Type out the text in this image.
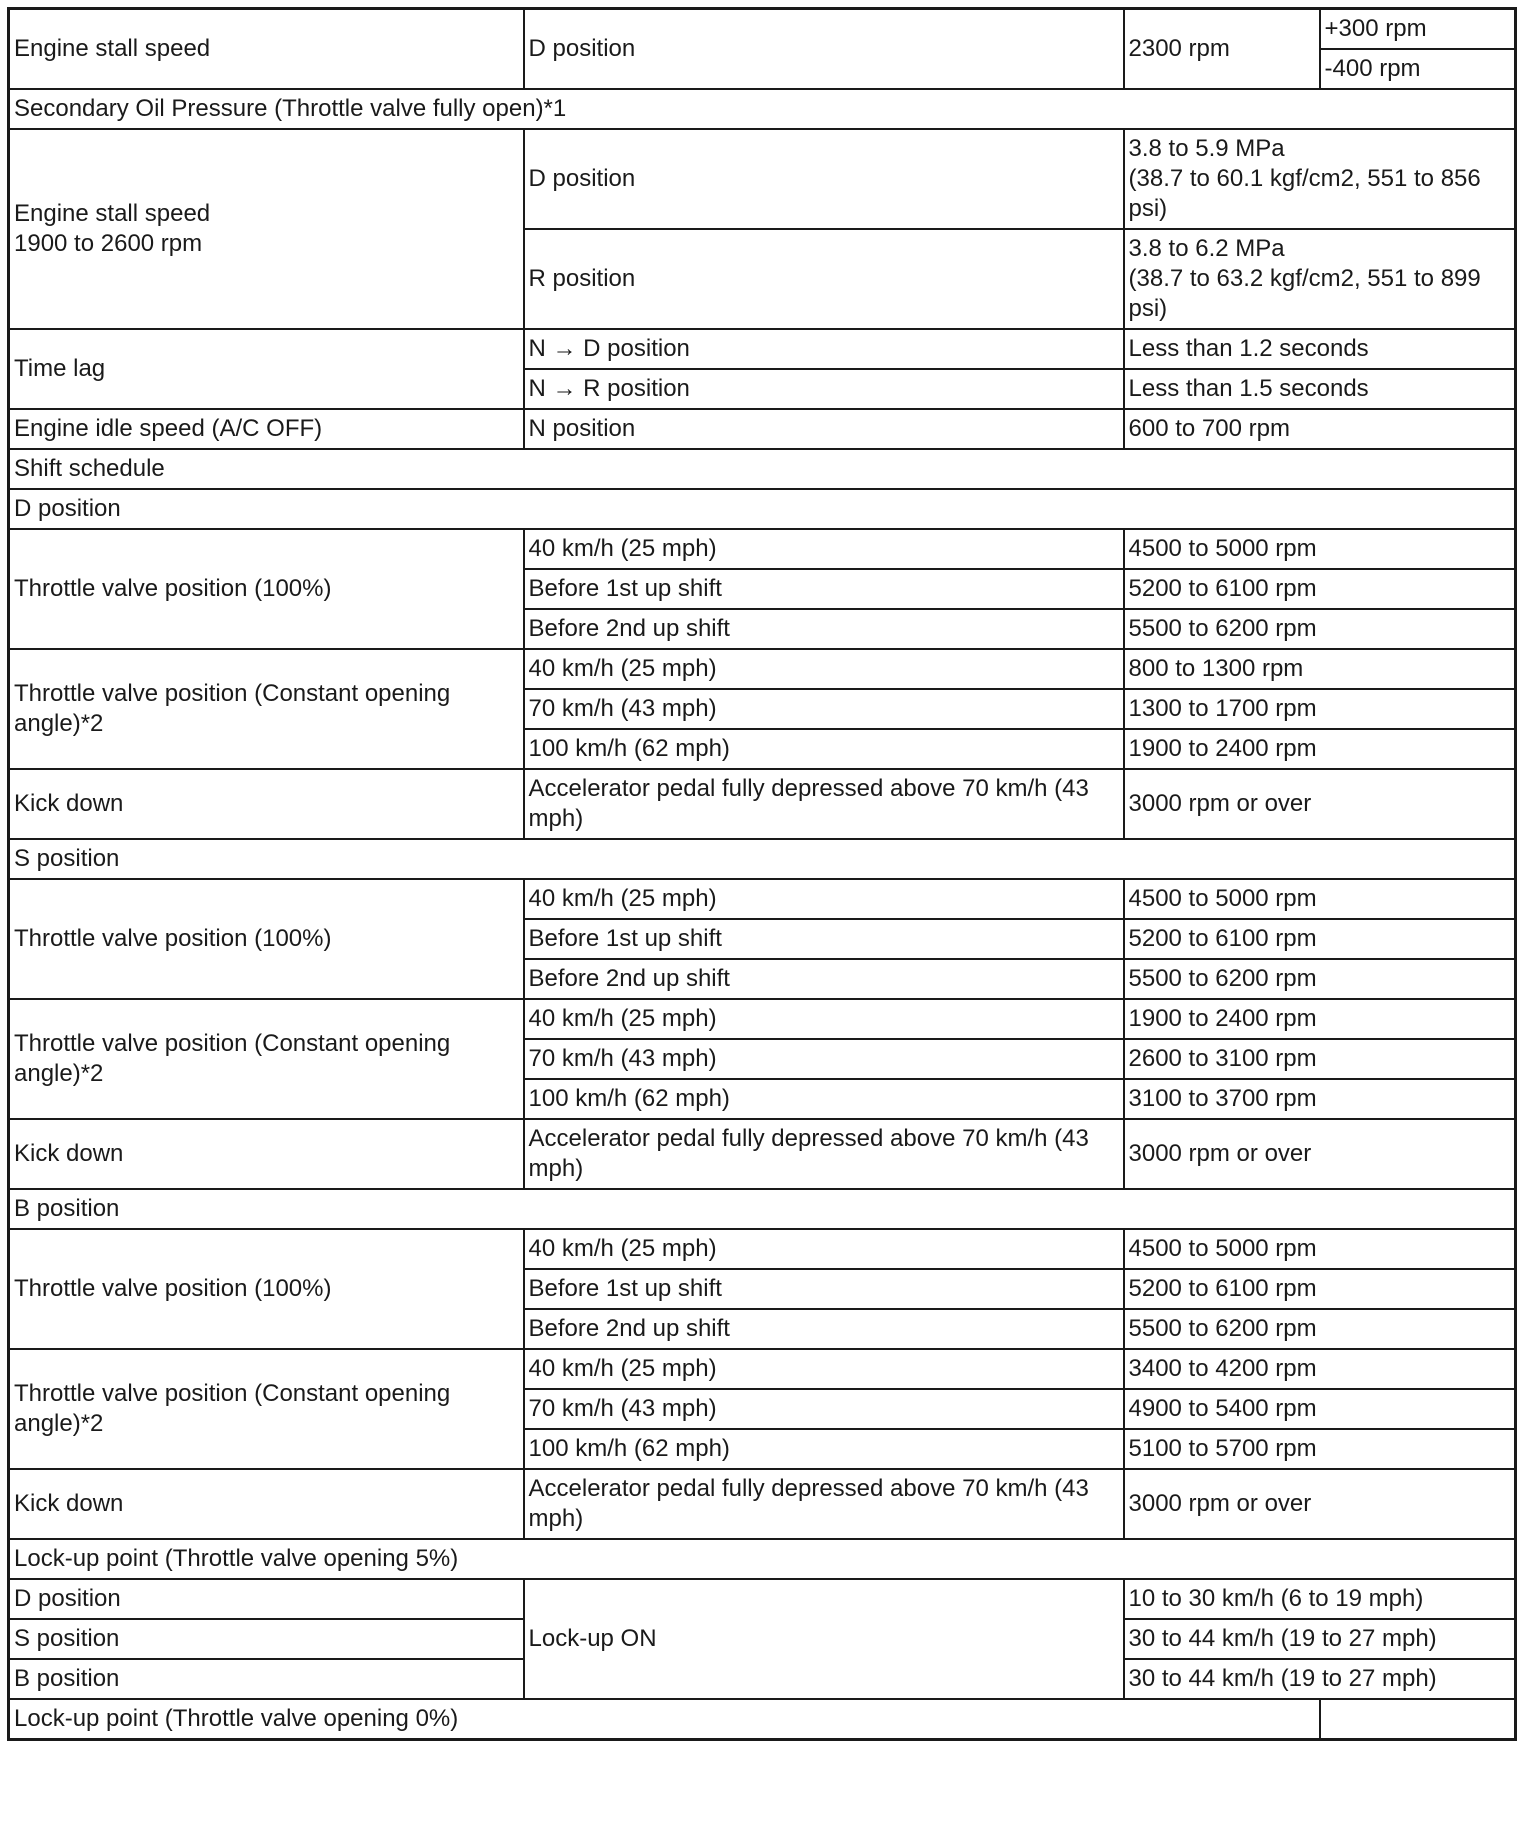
Engine stall speed	D position	2300 rpm	+300 rpm
			-400 rpm
Secondary Oil Pressure (Throttle valve fully open)*1			
Engine stall speed
1900 to 2600 rpm	D position	3.8 to 5.9 MPa
(38.7 to 60.1 kgf/cm2, 551 to 856 psi)	
	R position	3.8 to 6.2 MPa
(38.7 to 63.2 kgf/cm2, 551 to 899 psi)	
Time lag	N → D position	Less than 1.2 seconds	
	N → R position	Less than 1.5 seconds	
Engine idle speed (A/C OFF)	N position	600 to 700 rpm	
Shift schedule			
D position			
Throttle valve position (100%)	40 km/h (25 mph)	4500 to 5000 rpm	
	Before 1st up shift	5200 to 6100 rpm	
	Before 2nd up shift	5500 to 6200 rpm	
Throttle valve position (Constant opening angle)*2	40 km/h (25 mph)	800 to 1300 rpm	
	70 km/h (43 mph)	1300 to 1700 rpm	
	100 km/h (62 mph)	1900 to 2400 rpm	
Kick down	Accelerator pedal fully depressed above 70 km/h (43 mph)	3000 rpm or over	
S position			
Throttle valve position (100%)	40 km/h (25 mph)	4500 to 5000 rpm	
	Before 1st up shift	5200 to 6100 rpm	
	Before 2nd up shift	5500 to 6200 rpm	
Throttle valve position (Constant opening angle)*2	40 km/h (25 mph)	1900 to 2400 rpm	
	70 km/h (43 mph)	2600 to 3100 rpm	
	100 km/h (62 mph)	3100 to 3700 rpm	
Kick down	Accelerator pedal fully depressed above 70 km/h (43 mph)	3000 rpm or over	
B position			
Throttle valve position (100%)	40 km/h (25 mph)	4500 to 5000 rpm	
	Before 1st up shift	5200 to 6100 rpm	
	Before 2nd up shift	5500 to 6200 rpm	
Throttle valve position (Constant opening angle)*2	40 km/h (25 mph)	3400 to 4200 rpm	
	70 km/h (43 mph)	4900 to 5400 rpm	
	100 km/h (62 mph)	5100 to 5700 rpm	
Kick down	Accelerator pedal fully depressed above 70 km/h (43 mph)	3000 rpm or over	
Lock-up point (Throttle valve opening 5%)			
D position	Lock-up ON	10 to 30 km/h (6 to 19 mph)	
S position		30 to 44 km/h (19 to 27 mph)	
B position		30 to 44 km/h (19 to 27 mph)	
Lock-up point (Throttle valve opening 0%)			
